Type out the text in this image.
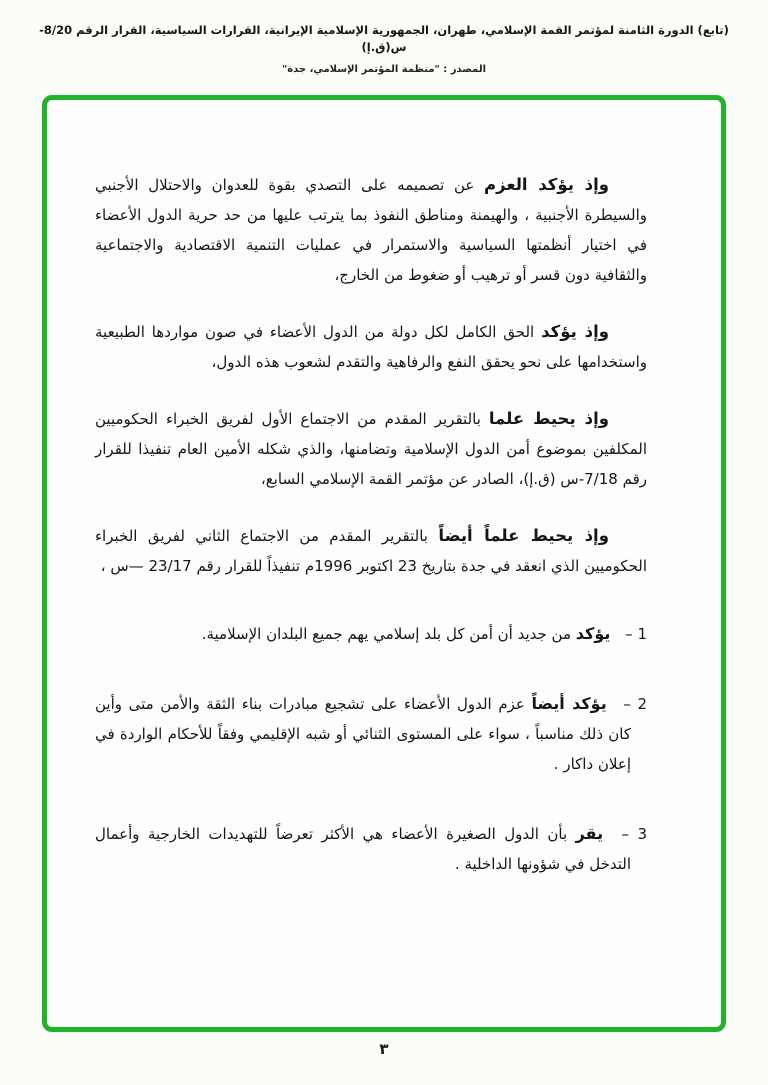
(تابع) الدورة الثامنة لمؤتمر القمة الإسلامي، طهران، الجمهورية الإسلامية الإيرانية، القرارات السياسية، القرار الرقم 8/20-س(ق.إ)
المصدر : "منظمة المؤتمر الإسلامي، جدة"

وإذ يؤكد العزم عن تصميمه على التصدي بقوة للعدوان والاحتلال الأجنبي والسيطرة الأجنبية ، والهيمنة ومناطق النفوذ بما يترتب عليها من حد حرية الدول الأعضاء في اختيار أنظمتها السياسية والاستمرار في عمليات التنمية الاقتصادية والاجتماعية والثقافية دون قسر أو ترهيب أو ضغوط من الخارج،

وإذ يؤكد الحق الكامل لكل دولة من الدول الأعضاء في صون مواردها الطبيعية واستخدامها على نحو يحقق النفع والرفاهية والتقدم لشعوب هذه الدول،

وإذ يحيط علما بالتقرير المقدم من الاجتماع الأول لفريق الخبراء الحكوميين المكلفين بموضوع أمن الدول الإسلامية وتضامنها، والذي شكله الأمين العام تنفيذا للقرار رقم 7/18-س (ق.إ)، الصادر عن مؤتمر القمة الإسلامي السابع،

وإذ يحيط علماً أيضاً بالتقرير المقدم من الاجتماع الثاني لفريق الخبراء الحكوميين الذي انعقد في جدة بتاريخ 23 اكتوبر 1996م تنفيذاً للقرار رقم 23/17 —س ،

1 – يؤكد من جديد أن أمن كل بلد إسلامي يهم جميع البلدان الإسلامية.

2 – يؤكد أيضاً عزم الدول الأعضاء على تشجيع مبادرات بناء الثقة والأمن متى وأين كان ذلك مناسباً ، سواء على المستوى الثنائي أو شبه الإقليمي وفقاً للأحكام الواردة في إعلان داكار .

3 – يقر بأن الدول الصغيرة الأعضاء هي الأكثر تعرضاً للتهديدات الخارجية وأعمال التدخل في شؤونها الداخلية .

٣
